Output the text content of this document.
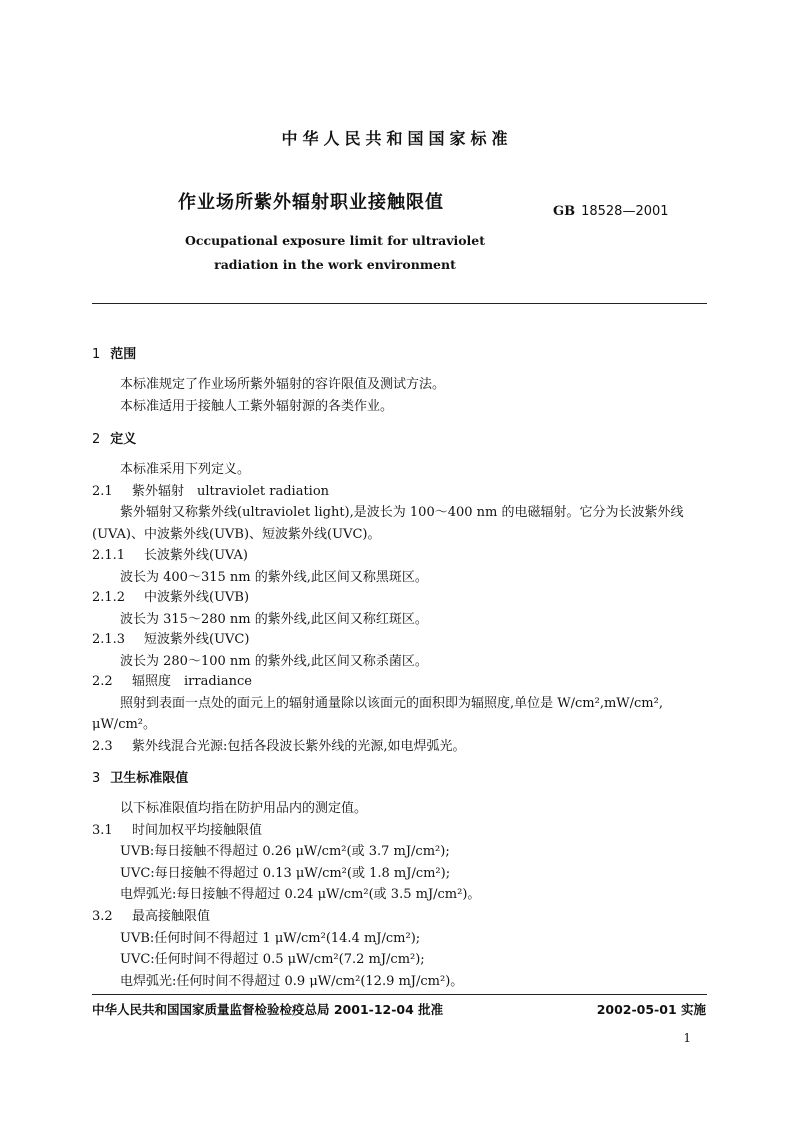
中华人民共和国国家标准
作业场所紫外辐射职业接触限值	GB 18528—2001
Occupational exposure limit for ultraviolet
radiation in the work environment
1 范围
本标准规定了作业场所紫外辐射的容许限值及测试方法。
本标准适用于接触人工紫外辐射源的各类作业。
2 定义
本标准采用下列定义。
2.1 紫外辐射　ultraviolet radiation
紫外辐射又称紫外线(ultraviolet light),是波长为 100～400 nm 的电磁辐射。它分为长波紫外线
(UVA)、中波紫外线(UVB)、短波紫外线(UVC)。
2.1.1 长波紫外线(UVA)
波长为 400～315 nm 的紫外线,此区间又称黑斑区。
2.1.2 中波紫外线(UVB)
波长为 315～280 nm 的紫外线,此区间又称红斑区。
2.1.3 短波紫外线(UVC)
波长为 280～100 nm 的紫外线,此区间又称杀菌区。
2.2 辐照度　irradiance
照射到表面一点处的面元上的辐射通量除以该面元的面积即为辐照度,单位是 W/cm²,mW/cm²,
μW/cm²。
2.3 紫外线混合光源:包括各段波长紫外线的光源,如电焊弧光。
3 卫生标准限值
以下标准限值均指在防护用品内的测定值。
3.1 时间加权平均接触限值
UVB:每日接触不得超过 0.26 μW/cm²(或 3.7 mJ/cm²);
UVC:每日接触不得超过 0.13 μW/cm²(或 1.8 mJ/cm²);
电焊弧光:每日接触不得超过 0.24 μW/cm²(或 3.5 mJ/cm²)。
3.2 最高接触限值
UVB:任何时间不得超过 1 μW/cm²(14.4 mJ/cm²);
UVC:任何时间不得超过 0.5 μW/cm²(7.2 mJ/cm²);
电焊弧光:任何时间不得超过 0.9 μW/cm²(12.9 mJ/cm²)。
中华人民共和国国家质量监督检验检疫总局 2001-12-04 批准	2002-05-01 实施
1
